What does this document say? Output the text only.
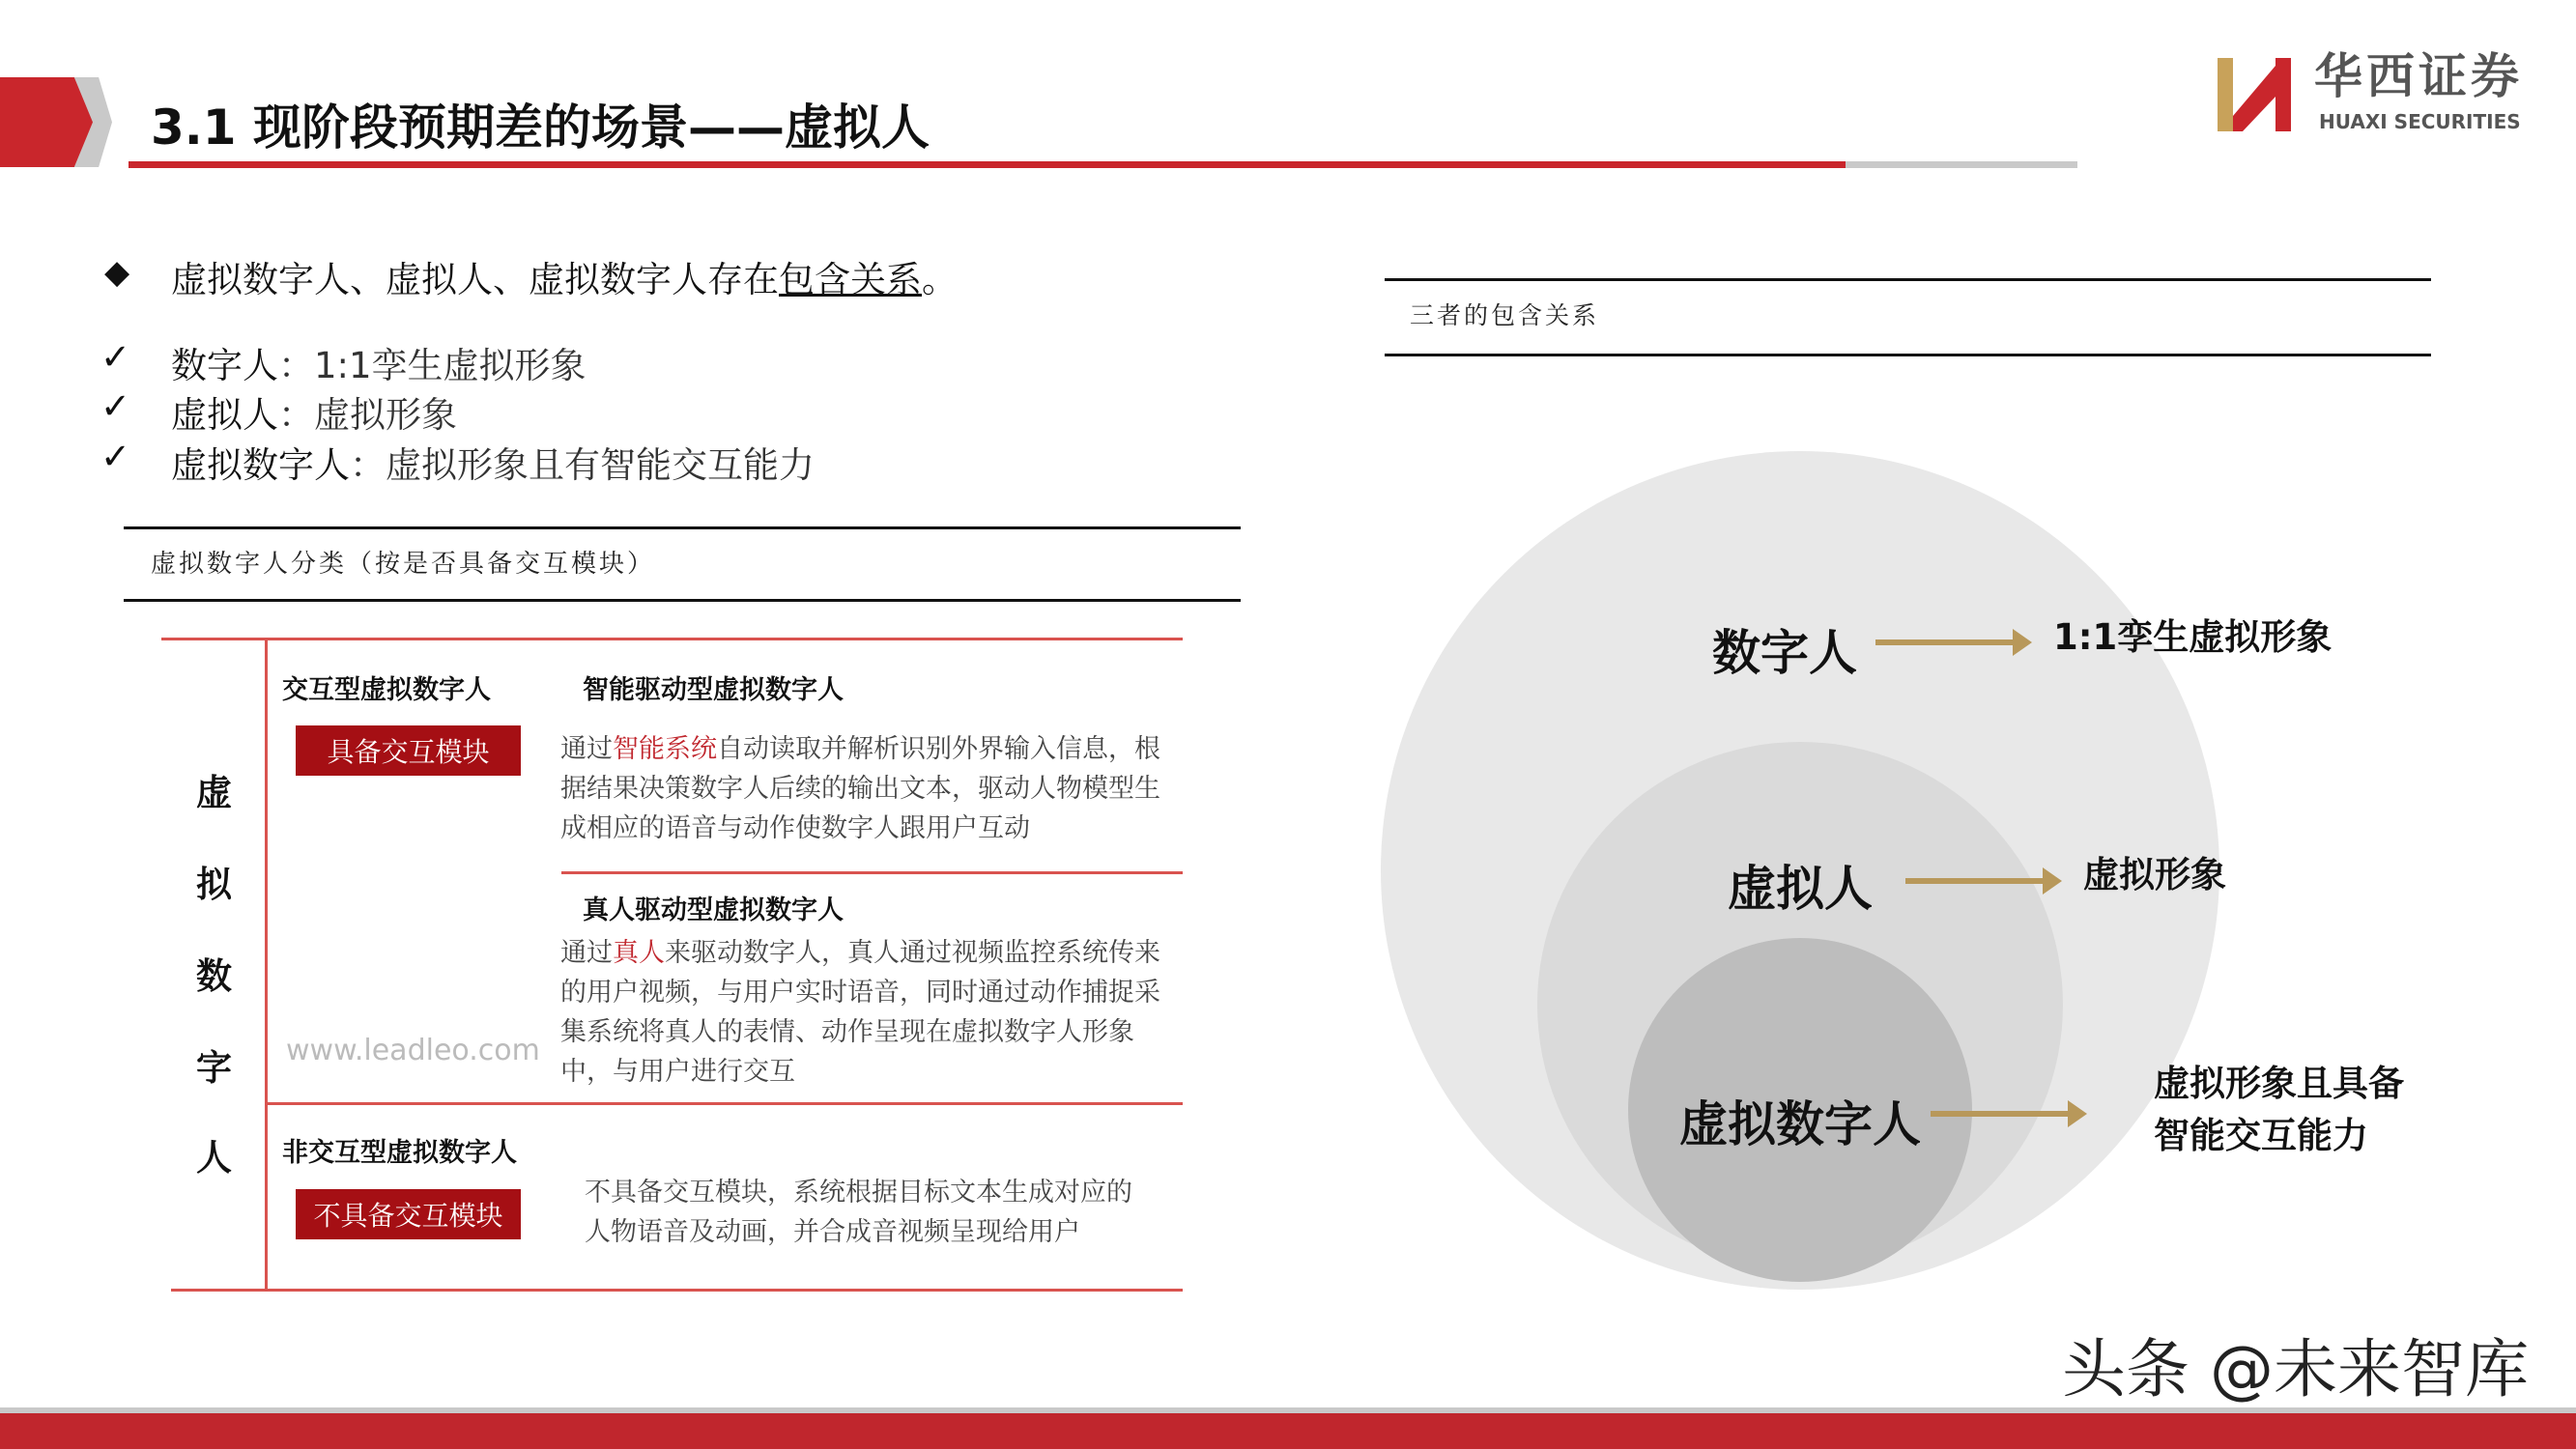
3.1 现阶段预期差的场景——虚拟人
华西证券
HUAXI SECURITIES
◆ 虚拟数字人、虚拟人、虚拟数字人存在包含关系。
✓ 数字人：1:1孪生虚拟形象
✓ 虚拟人：虚拟形象
✓ 虚拟数字人：虚拟形象且有智能交互能力
虚拟数字人分类（按是否具备交互模块）
虚
拟
数
字
人
交互型虚拟数字人
具备交互模块
智能驱动型虚拟数字人
通过智能系统自动读取并解析识别外界输入信息，根据结果决策数字人后续的输出文本，驱动人物模型生成相应的语音与动作使数字人跟用户互动
真人驱动型虚拟数字人
通过真人来驱动数字人，真人通过视频监控系统传来的用户视频，与用户实时语音，同时通过动作捕捉采集系统将真人的表情、动作呈现在虚拟数字人形象中，与用户进行交互
www.leadleo.com
非交互型虚拟数字人
不具备交互模块
不具备交互模块，系统根据目标文本生成对应的人物语音及动画，并合成音视频呈现给用户
三者的包含关系
数字人	1:1孪生虚拟形象
虚拟人	虚拟形象
虚拟数字人
虚拟形象且具备
智能交互能力
头条 @未来智库
